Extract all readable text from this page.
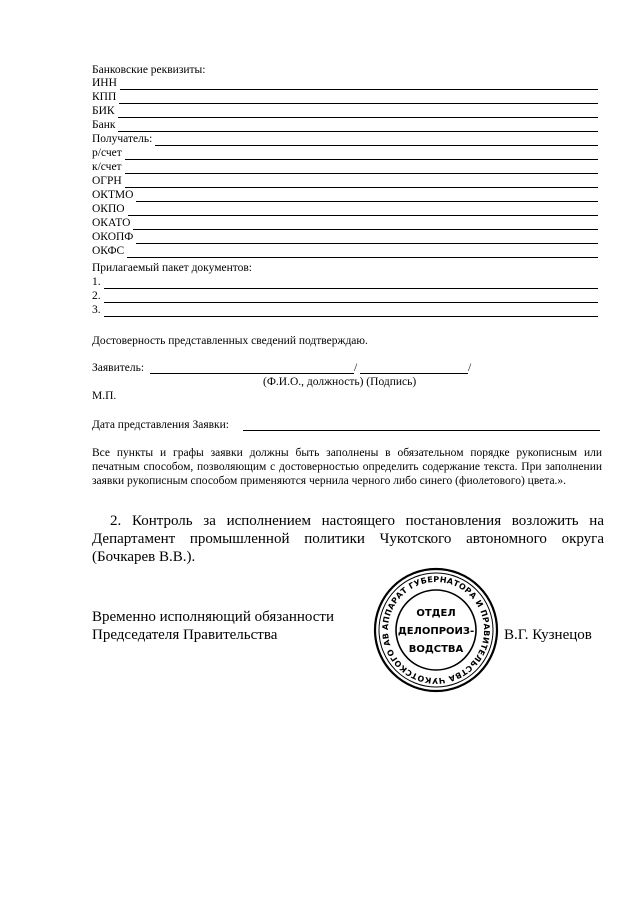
Банковские реквизиты:
ИНН
КПП
БИК
Банк
Получатель:
р/счет
к/счет
ОГРН
ОКТМО
ОКПО
ОКАТО
ОКОПФ
ОКФС
Прилагаемый пакет документов:
1.
2.
3.
Достоверность представленных сведений подтверждаю.
Заявитель:	/	/
(Ф.И.О., должность) (Подпись)
М.П.
Дата представления Заявки:
Все пункты и графы заявки должны быть заполнены в обязательном порядке рукописным или печатным способом, позволяющим с достоверностью определить содержание текста. При заполнении заявки рукописным способом применяются чернила черного либо синего (фиолетового) цвета.».
2. Контроль за исполнением настоящего постановления возложить на Департамент промышленной политики Чукотского автономного округа (Бочкарев В.В.).
Временно исполняющий обязанности
Председателя Правительства	В.Г. Кузнецов
АППАРАТ ГУБЕРНАТОРА И ПРАВИТЕЛЬСТВА ЧУКОТСКОГО АВ
ОТДЕЛ
ДЕЛОПРОИЗ-
ВОДСТВА
